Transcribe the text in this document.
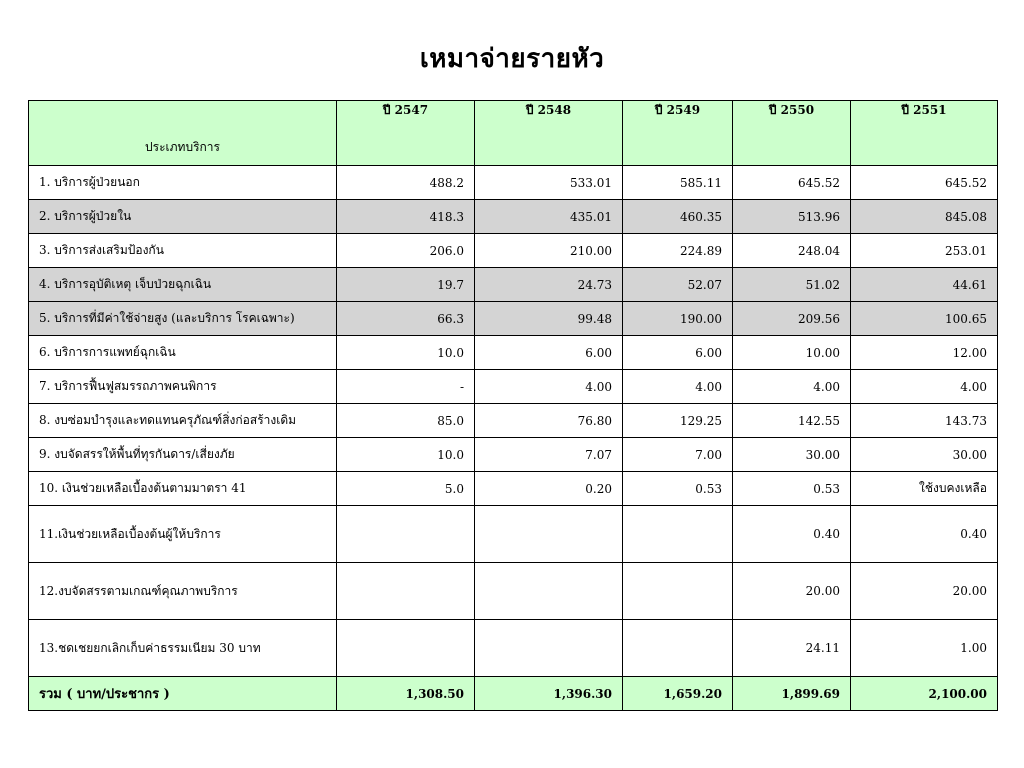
เหมาจ่ายรายหัว
ประเภทบริการ	ปี 2547	ปี 2548	ปี 2549	ปี 2550	ปี 2551
1. บริการผู้ป่วยนอก	488.2	533.01	585.11	645.52	645.52
2. บริการผู้ป่วยใน	418.3	435.01	460.35	513.96	845.08
3. บริการส่งเสริมป้องกัน	206.0	210.00	224.89	248.04	253.01
4. บริการอุบัติเหตุ เจ็บป่วยฉุกเฉิน	19.7	24.73	52.07	51.02	44.61
5. บริการที่มีค่าใช้จ่ายสูง (และบริการ โรคเฉพาะ)	66.3	99.48	190.00	209.56	100.65
6. บริการการแพทย์ฉุกเฉิน	10.0	6.00	6.00	10.00	12.00
7. บริการฟื้นฟูสมรรถภาพคนพิการ	-	4.00	4.00	4.00	4.00
8. งบซ่อมบำรุงและทดแทนครุภัณฑ์สิ่งก่อสร้างเดิม	85.0	76.80	129.25	142.55	143.73
9. งบจัดสรรให้พื้นที่ทุรกันดาร/เสี่ยงภัย	10.0	7.07	7.00	30.00	30.00
10. เงินช่วยเหลือเบื้องต้นตามมาตรา 41	5.0	0.20	0.53	0.53	ใช้งบคงเหลือ
11.เงินช่วยเหลือเบื้องต้นผู้ให้บริการ				0.40	0.40
12.งบจัดสรรตามเกณฑ์คุณภาพบริการ				20.00	20.00
13.ชดเชยยกเลิกเก็บค่าธรรมเนียม 30 บาท				24.11	1.00
รวม ( บาท/ประชากร )	1,308.50	1,396.30	1,659.20	1,899.69	2,100.00
